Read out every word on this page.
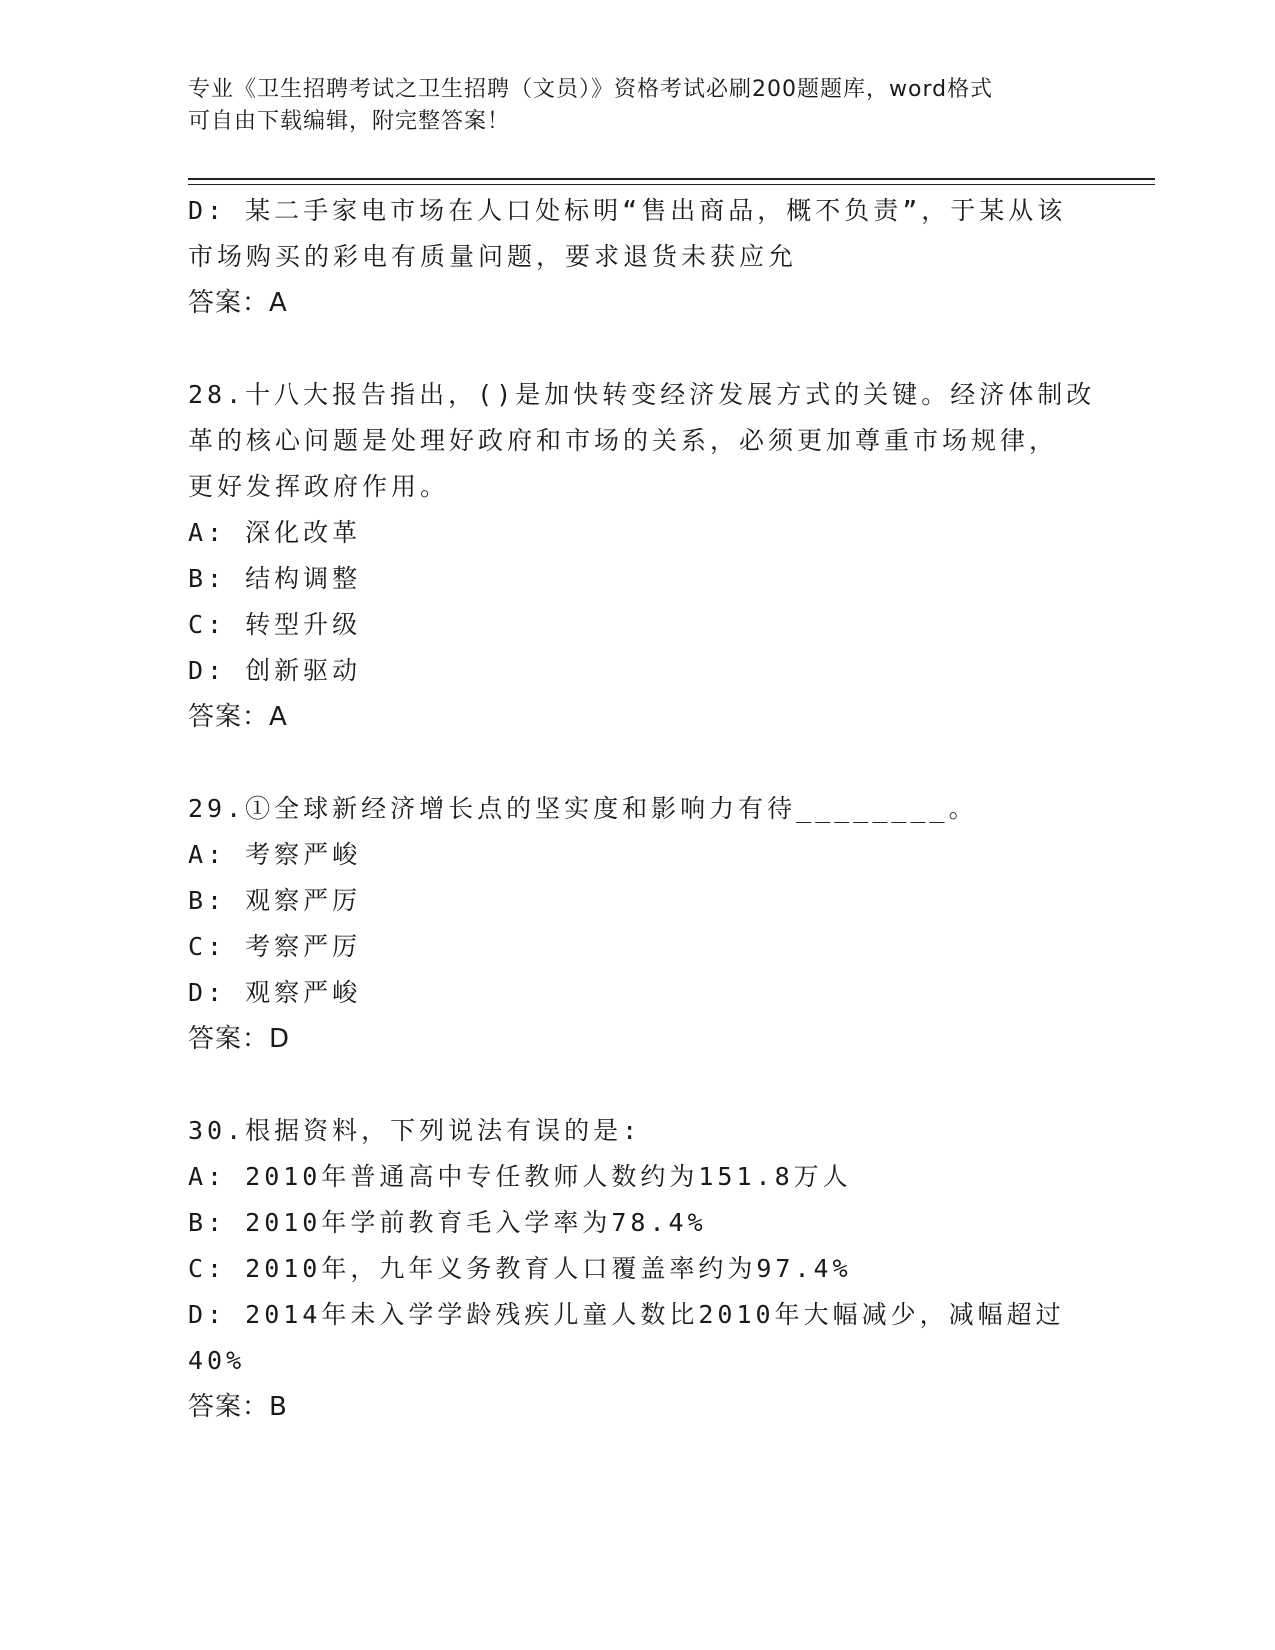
专业《卫生招聘考试之卫生招聘（文员）》资格考试必刷200题题库，word格式
可自由下载编辑，附完整答案！
D: 某二手家电市场在人口处标明“售出商品，概不负责”，于某从该
市场购买的彩电有质量问题，要求退货未获应允
答案：A
28.十八大报告指出，()是加快转变经济发展方式的关键。经济体制改
革的核心问题是处理好政府和市场的关系，必须更加尊重市场规律，
更好发挥政府作用。
A: 深化改革
B: 结构调整
C: 转型升级
D: 创新驱动
答案：A
29.①全球新经济增长点的坚实度和影响力有待________。
A: 考察严峻
B: 观察严厉
C: 考察严厉
D: 观察严峻
答案：D
30.根据资料，下列说法有误的是:
A: 2010年普通高中专任教师人数约为151.8万人
B: 2010年学前教育毛入学率为78.4%
C: 2010年，九年义务教育人口覆盖率约为97.4%
D: 2014年未入学学龄残疾儿童人数比2010年大幅减少，减幅超过
40%
答案：B
